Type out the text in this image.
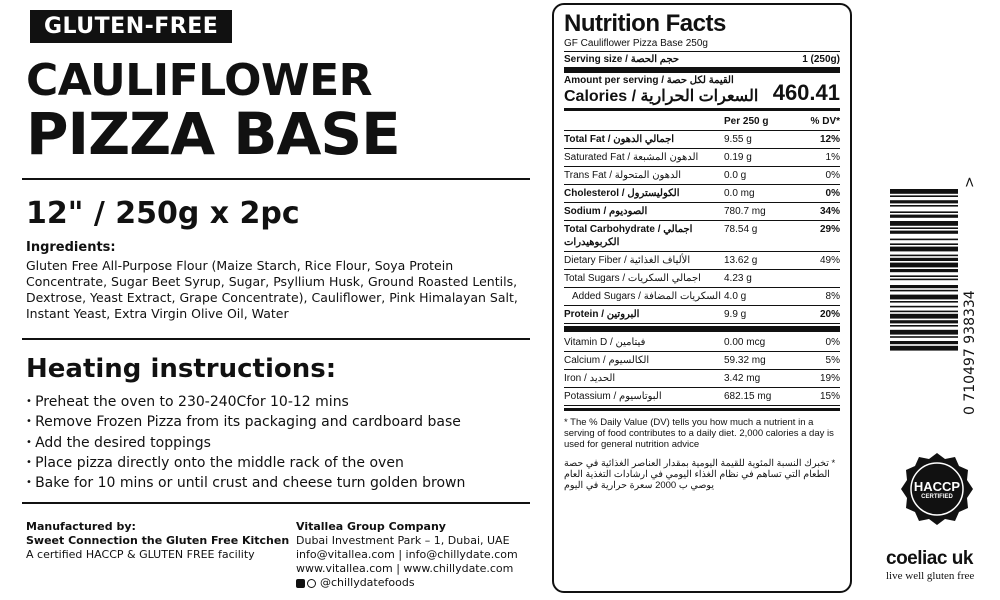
GLUTEN-FREE
CAULIFLOWER
PIZZA BASE
12" / 250g x 2pc
Ingredients:
Gluten Free All-Purpose Flour (Maize Starch, Rice Flour, Soya Protein Concentrate, Sugar Beet Syrup, Sugar, Psyllium Husk, Ground Roasted Lentils, Dextrose, Yeast Extract, Grape Concentrate), Cauliflower, Pink Himalayan Salt, Instant Yeast, Extra Virgin Olive Oil, Water
Heating instructions:
• Preheat the oven to 230-240Cfor 10-12 mins
• Remove Frozen Pizza from its packaging and cardboard base
• Add the desired toppings
• Place pizza directly onto the middle rack of the oven
• Bake for 10 mins or until crust and cheese turn golden brown
Manufactured by:
Sweet Connection the Gluten Free Kitchen
A certified HACCP & GLUTEN FREE facility
Vitallea Group Company
Dubai Investment Park – 1, Dubai, UAE
info@vitallea.com | info@chillydate.com
www.vitallea.com | www.chillydate.com
@chillydatefoods
Nutrition Facts
GF Cauliflower Pizza Base 250g
Serving size / حجم الحصة	1 (250g)
Amount per serving / القيمة لكل حصة
Calories / السعرات الحرارية 460.41
Per 250 g	% DV*
Total Fat / اجمالي الدهون	9.55 g	12%
Saturated Fat / الدهون المشبعة	0.19 g	1%
Trans Fat / الدهون المتحولة	0.0 g	0%
Cholesterol / الكوليسترول	0.0 mg	0%
Sodium / الصوديوم	780.7 mg	34%
Total Carbohydrate / اجمالي الكربوهيدرات
78.54 g	29%
Dietary Fiber / الألياف الغذائية	13.62 g	49%
Total Sugars / اجمالي السكريات	4.23 g
Added Sugars / السكريات المضافة 4.0 g	8%
Protein / البروتين	9.9 g	20%
Vitamin D / فيتامين	0.00 mcg	0%
Calcium / الكالسيوم	59.32 mg	5%
Iron / الحديد	3.42 mg	19%
Potassium / البوتاسيوم	682.15 mg	15%
* The % Daily Value (DV) tells you how much a nutrient in a serving of food contributes to a daily diet. 2,000 calories a day is used for general nutrition advice
* تخبرك النسبة المئوية للقيمة اليومية بمقدار العناصر الغذائية في حصة الطعام التي تساهم في نظام الغذاء اليومي في ارشادات التغذية العام يوصي ب 2000 سعرة حرارية في اليوم
0 710497 938334
>
HACCP
CERTIFIED
coeliac uk
live well gluten free
